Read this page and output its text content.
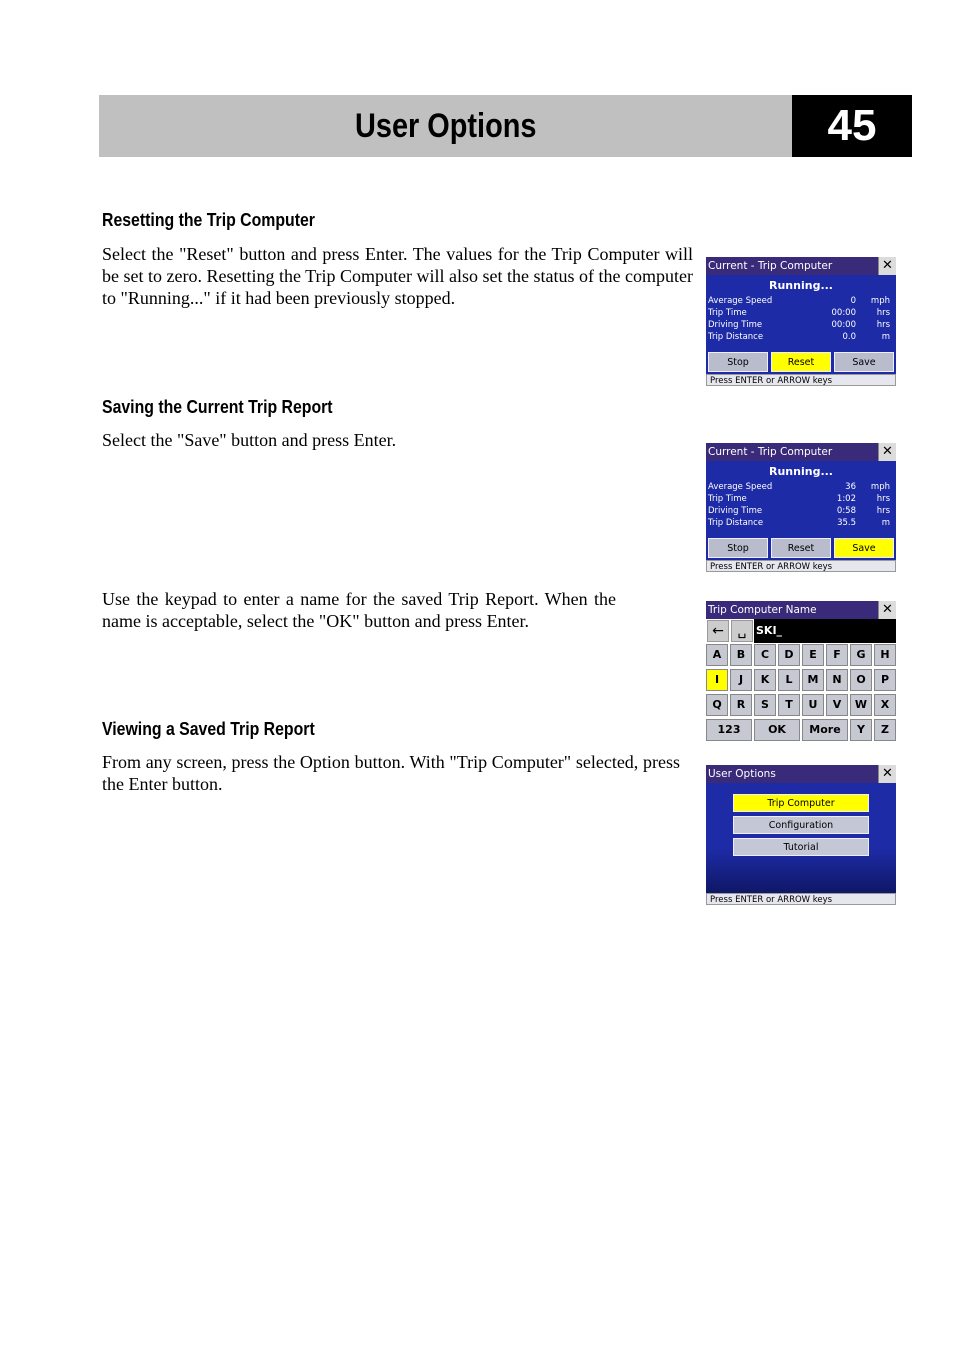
User Options	45
Resetting the Trip Computer
Select the "Reset" button and press Enter. The values for the Trip Computer will be set to zero. Resetting the Trip Computer will also set the status of the computer to "Running..." if it had been previously stopped.
Current - Trip Computer	✕
Running...
Average Speed	0	mph
Trip Time	00:00	hrs
Driving Time	00:00	hrs
Trip Distance	0.0	m
Stop	Reset	Save
Press ENTER or ARROW keys
Saving the Current Trip Report
Select the "Save" button and press Enter.
Current - Trip Computer	✕
Running...
Average Speed	36	mph
Trip Time	1:02	hrs
Driving Time	0:58	hrs
Trip Distance	35.5	m
Stop	Reset	Save
Press ENTER or ARROW keys
Use the keypad to enter a name for the saved Trip Report. When the name is acceptable, select the "OK" button and press Enter.
Trip Computer Name	✕
← ␣ SKI_
A	B	C	D	E	F	G	H
I	J	K	L	M	N	O	P
Q	R	S	T	U	V	W	X
123	OK	More	Y	Z
Viewing a Saved Trip Report
From any screen, press the Option button. With "Trip Computer" selected, press the Enter button.	User Options	✕
Trip Computer
Configuration
Tutorial
Press ENTER or ARROW keys
